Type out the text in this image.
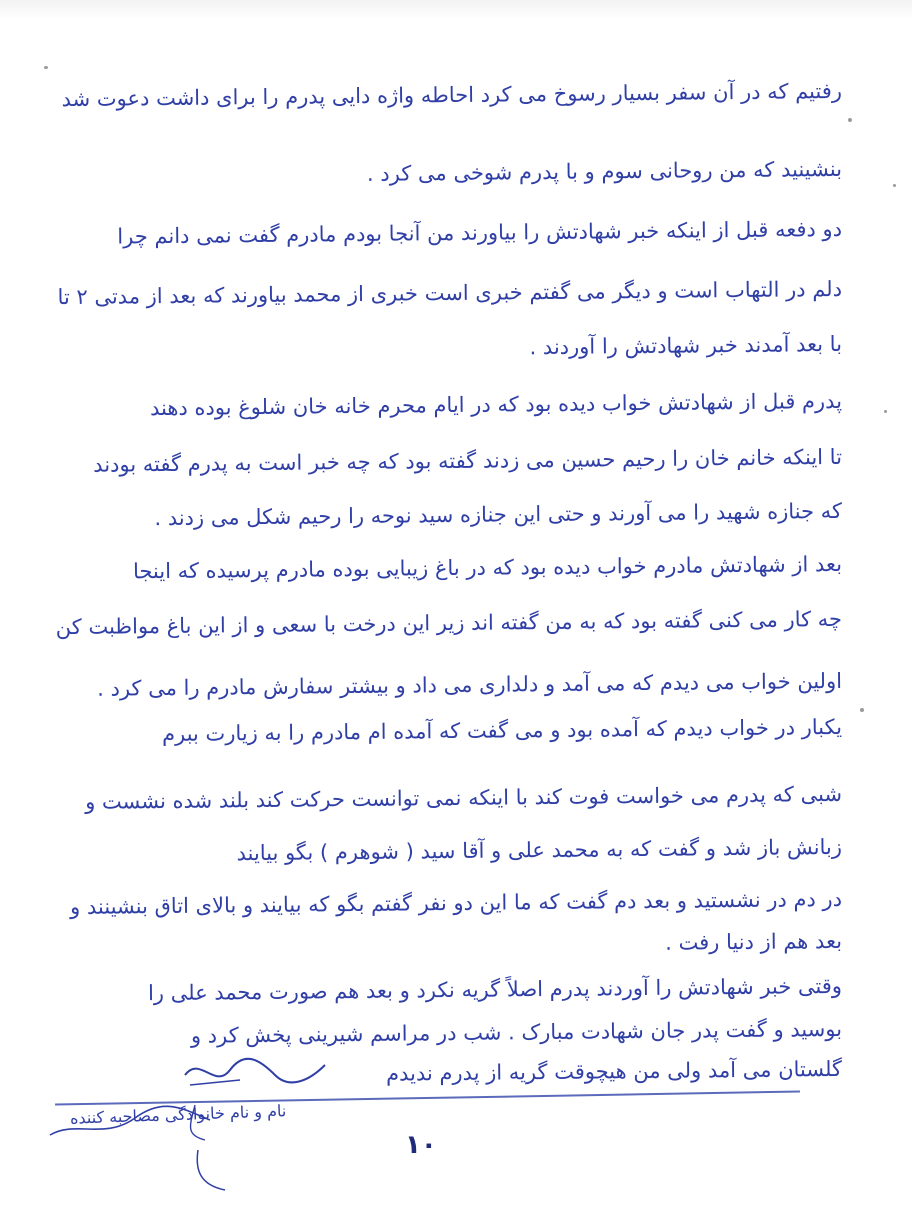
رفتیم که در آن سفر بسیار رسوخ می کرد احاطه واژه دایی پدرم را برای داشت دعوت شد
بنشینید که من روحانی سوم و با پدرم شوخی می کرد .
دو دفعه قبل از اینکه خبر شهادتش را بیاورند من آنجا بودم مادرم گفت نمی دانم چرا
دلم در التهاب است و دیگر می گفتم خبری است خبری از محمد بیاورند که بعد از مدتی ۲ تا
با بعد آمدند خبر شهادتش را آوردند .
پدرم قبل از شهادتش خواب دیده بود که در ایام محرم خانه خان شلوغ بوده دهند
تا اینکه خانم خان را رحیم حسین می زدند گفته بود که چه خبر است به پدرم گفته بودند
که جنازه شهید را می آورند و حتی این جنازه سید نوحه را رحیم شکل می زدند .
بعد از شهادتش مادرم خواب دیده بود که در باغ زیبایی بوده مادرم پرسیده که اینجا
چه کار می کنی گفته بود که به من گفته اند زیر این درخت با سعی و از این باغ مواظبت کن
اولین خواب می دیدم که می آمد و دلداری می داد و بیشتر سفارش مادرم را می کرد .
یکبار در خواب دیدم که آمده بود و می گفت که آمده ام مادرم را به زیارت ببرم
شبی که پدرم می خواست فوت کند با اینکه نمی توانست حرکت کند بلند شده نشست و
زبانش باز شد و گفت که به محمد علی و آقا سید ( شوهرم ) بگو بیایند
در دم در نشستید و بعد دم گفت که ما این دو نفر گفتم بگو که بیایند و بالای اتاق بنشینند و
بعد هم از دنیا رفت .
وقتی خبر شهادتش را آوردند پدرم اصلاً گریه نکرد و بعد هم صورت محمد علی را
بوسید و گفت پدر جان شهادت مبارک . شب در مراسم شیرینی پخش کرد و
گلستان می آمد ولی من هیچوقت گریه از پدرم ندیدم
نام و نام خانوادگی مصاحبه کننده
۱۰
